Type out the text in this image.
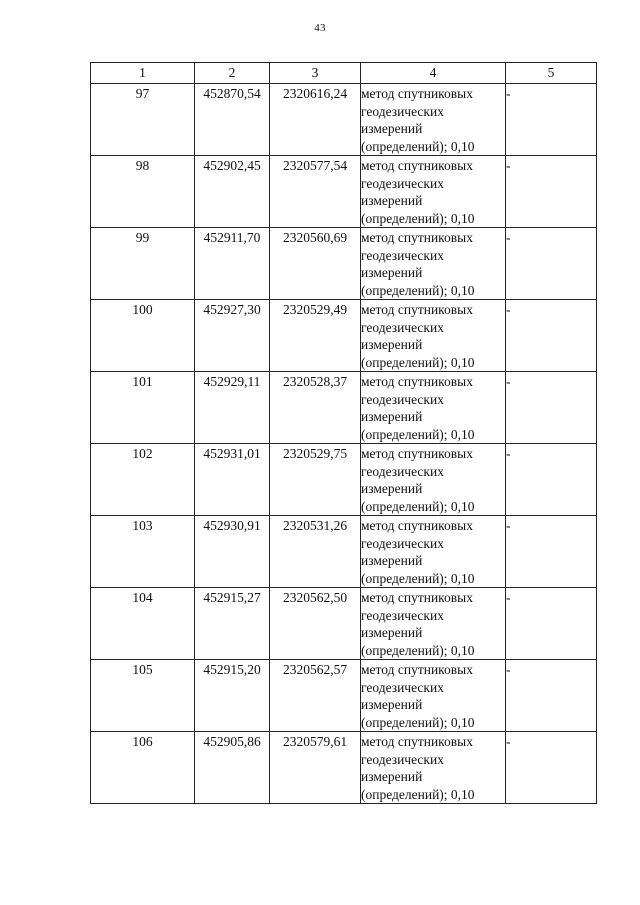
43
1	2	3	4	5
97	452870,54	2320616,24	метод спутниковых геодезических измерений (определений); 0,10	-
98	452902,45	2320577,54	метод спутниковых геодезических измерений (определений); 0,10	-
99	452911,70	2320560,69	метод спутниковых геодезических измерений (определений); 0,10	-
100	452927,30	2320529,49	метод спутниковых геодезических измерений (определений); 0,10	-
101	452929,11	2320528,37	метод спутниковых геодезических измерений (определений); 0,10	-
102	452931,01	2320529,75	метод спутниковых геодезических измерений (определений); 0,10	-
103	452930,91	2320531,26	метод спутниковых геодезических измерений (определений); 0,10	-
104	452915,27	2320562,50	метод спутниковых геодезических измерений (определений); 0,10	-
105	452915,20	2320562,57	метод спутниковых геодезических измерений (определений); 0,10	-
106	452905,86	2320579,61	метод спутниковых геодезических измерений (определений); 0,10	-
